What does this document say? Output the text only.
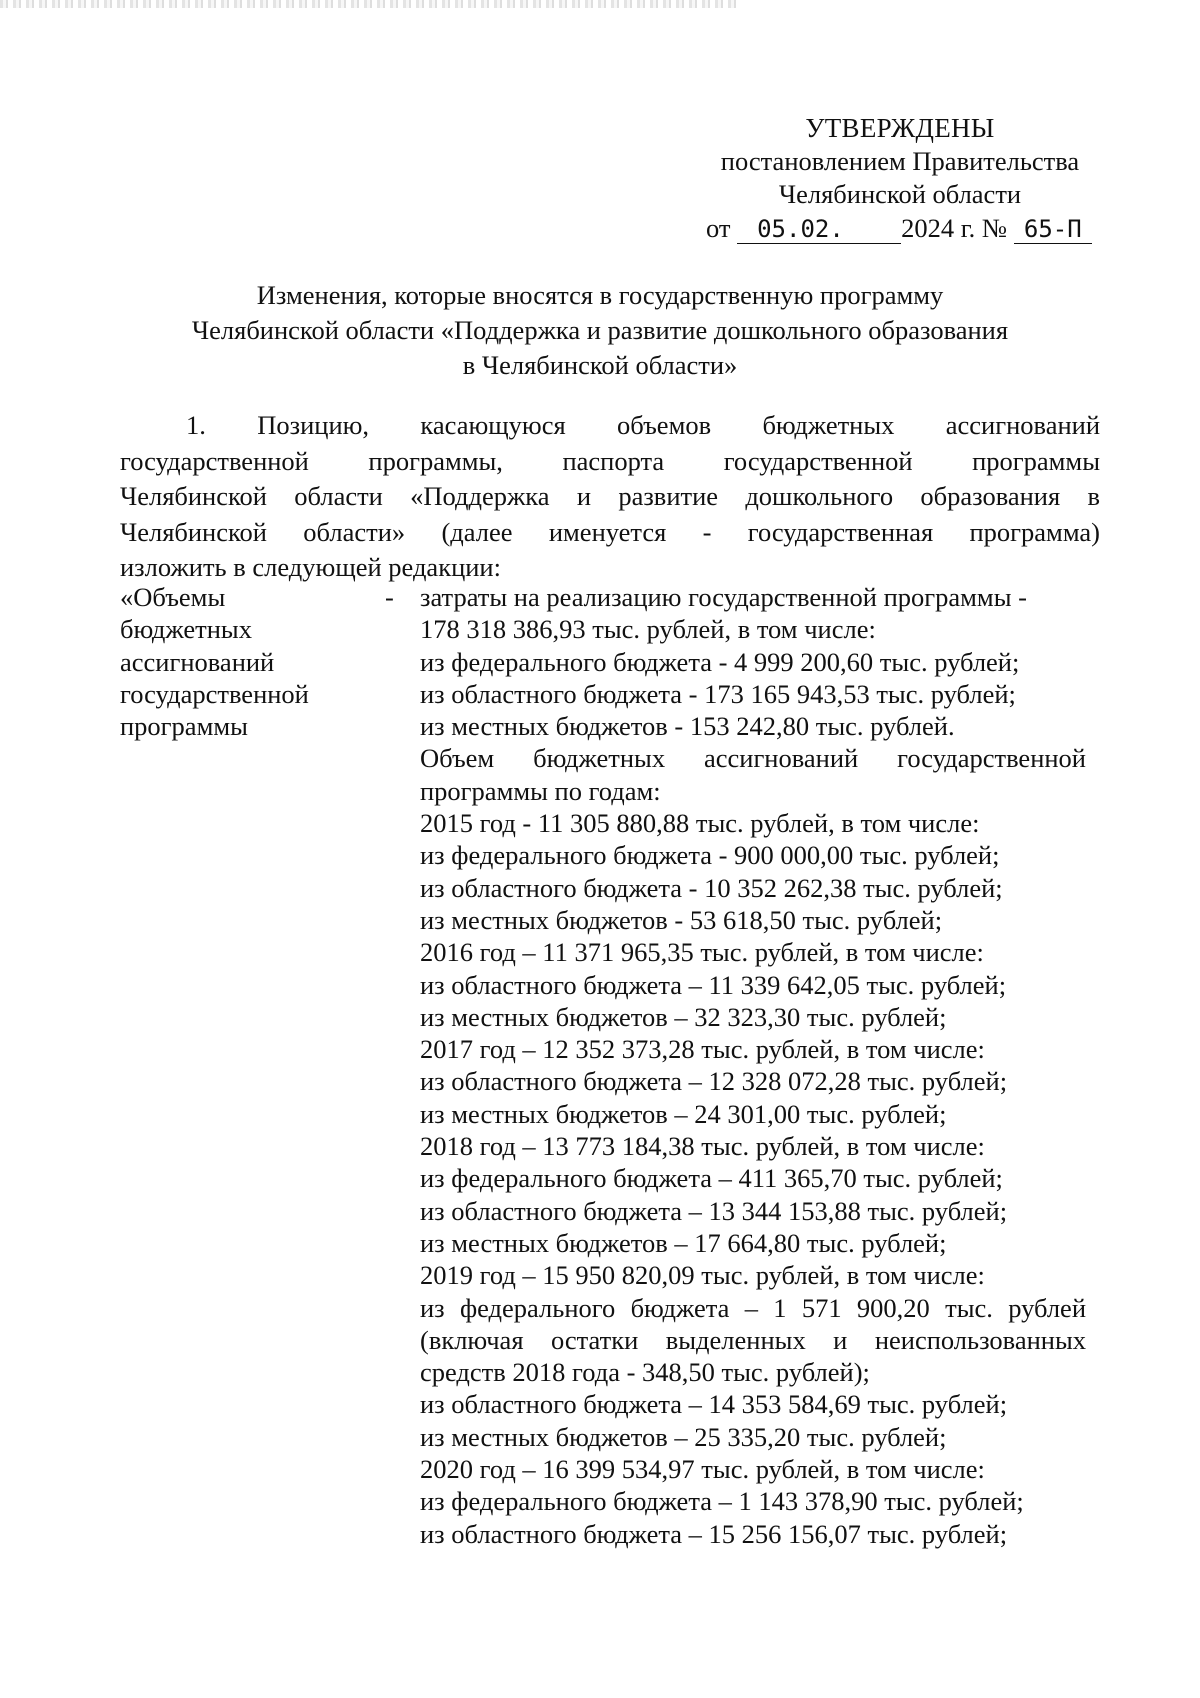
УТВЕРЖДЕНЫ
постановлением Правительства
Челябинской области
от 05.02. 2024 г. № 65-П
Изменения, которые вносятся в государственную программу
Челябинской области «Поддержка и развитие дошкольного образования
в Челябинской области»
1. Позицию, касающуюся объемов бюджетных ассигнований
государственной программы, паспорта государственной программы
Челябинской области «Поддержка и развитие дошкольного образования в
Челябинской области» (далее именуется - государственная программа)
изложить в следующей редакции:
«Объемы
бюджетных
ассигнований
государственной
программы
- затраты на реализацию государственной программы -
178 318 386,93 тыс. рублей, в том числе:
из федерального бюджета - 4 999 200,60 тыс. рублей;
из областного бюджета - 173 165 943,53 тыс. рублей;
из местных бюджетов - 153 242,80 тыс. рублей.
Объем бюджетных ассигнований государственной
программы по годам:
2015 год - 11 305 880,88 тыс. рублей, в том числе:
из федерального бюджета - 900 000,00 тыс. рублей;
из областного бюджета - 10 352 262,38 тыс. рублей;
из местных бюджетов - 53 618,50 тыс. рублей;
2016 год – 11 371 965,35 тыс. рублей, в том числе:
из областного бюджета – 11 339 642,05 тыс. рублей;
из местных бюджетов – 32 323,30 тыс. рублей;
2017 год – 12 352 373,28 тыс. рублей, в том числе:
из областного бюджета – 12 328 072,28 тыс. рублей;
из местных бюджетов – 24 301,00 тыс. рублей;
2018 год – 13 773 184,38 тыс. рублей, в том числе:
из федерального бюджета – 411 365,70 тыс. рублей;
из областного бюджета – 13 344 153,88 тыс. рублей;
из местных бюджетов – 17 664,80 тыс. рублей;
2019 год – 15 950 820,09 тыс. рублей, в том числе:
из федерального бюджета – 1 571 900,20 тыс. рублей
(включая остатки выделенных и неиспользованных
средств 2018 года - 348,50 тыс. рублей);
из областного бюджета – 14 353 584,69 тыс. рублей;
из местных бюджетов – 25 335,20 тыс. рублей;
2020 год – 16 399 534,97 тыс. рублей, в том числе:
из федерального бюджета – 1 143 378,90 тыс. рублей;
из областного бюджета – 15 256 156,07 тыс. рублей;
